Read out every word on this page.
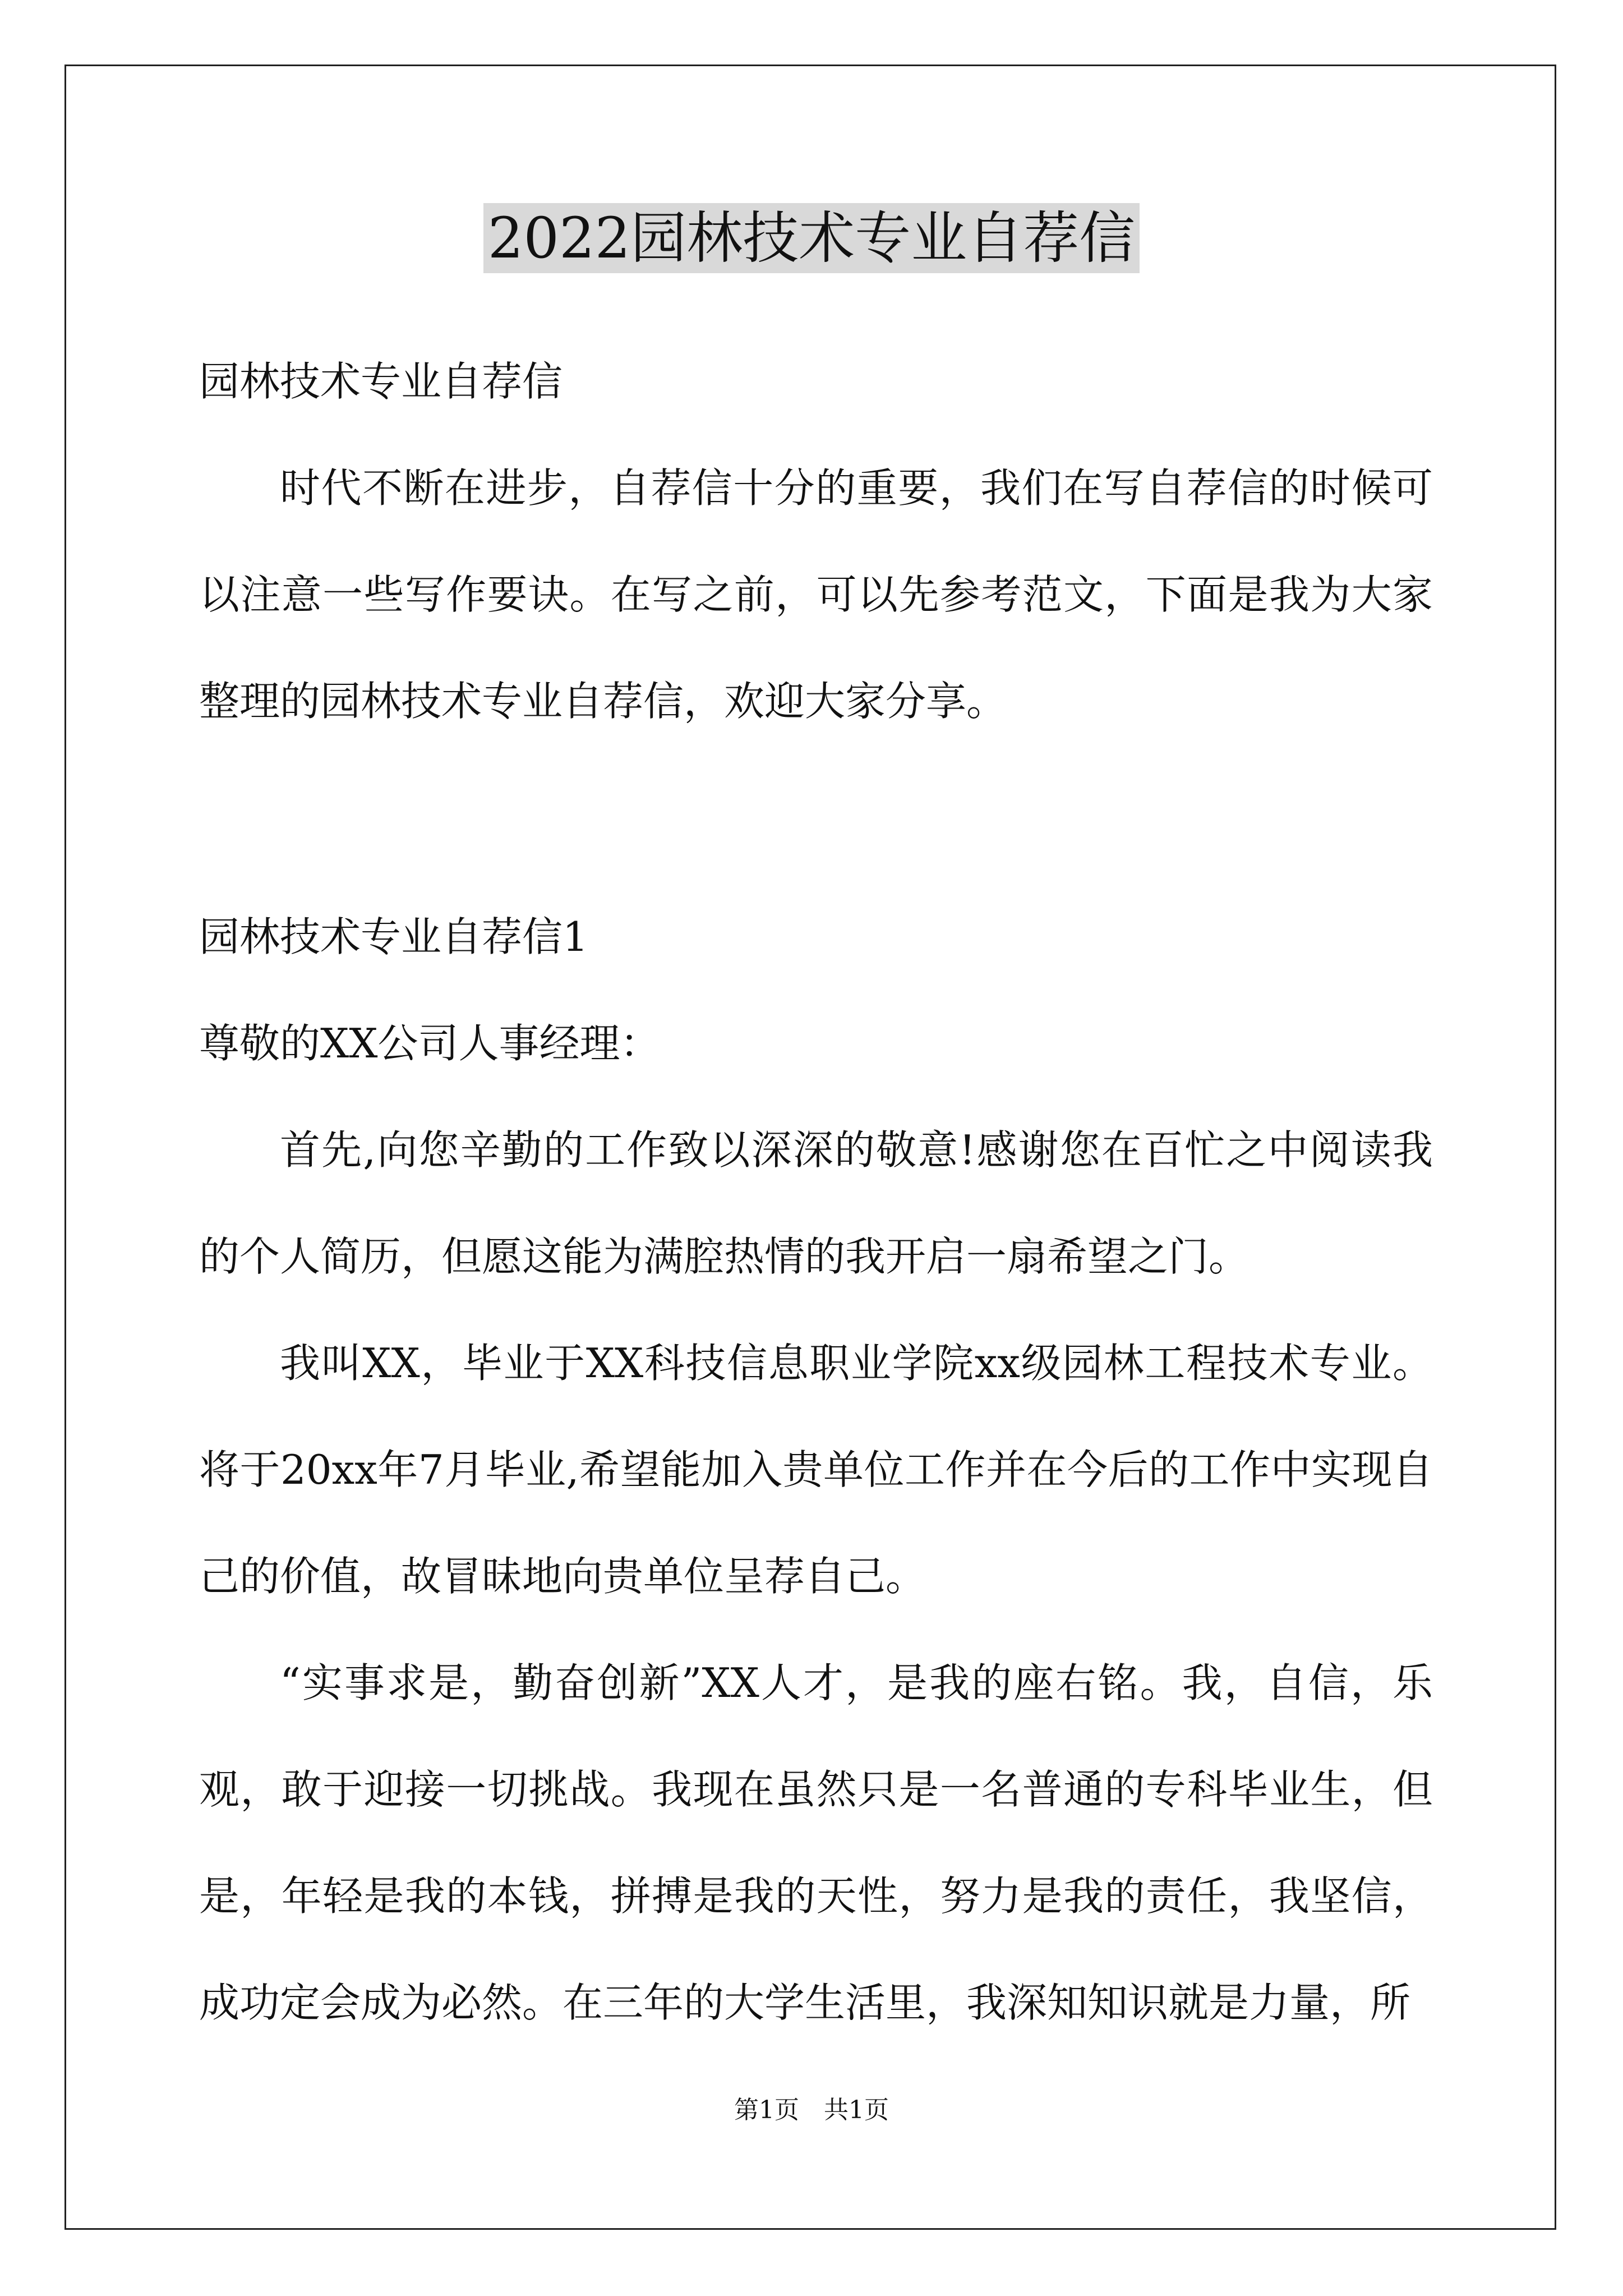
2022园林技术专业自荐信

园林技术专业自荐信

时代不断在进步，自荐信十分的重要，我们在写自荐信的时候可以注意一些写作要诀。在写之前，可以先参考范文，下面是我为大家整理的园林技术专业自荐信，欢迎大家分享。

园林技术专业自荐信1

尊敬的XX公司人事经理：

首先,向您辛勤的工作致以深深的敬意!感谢您在百忙之中阅读我的个人简历，但愿这能为满腔热情的我开启一扇希望之门。

我叫XX，毕业于XX科技信息职业学院xx级园林工程技术专业。将于20xx年7月毕业,希望能加入贵单位工作并在今后的工作中实现自己的价值，故冒昧地向贵单位呈荐自己。

“实事求是，勤奋创新”XX人才，是我的座右铭。我，自信，乐观，敢于迎接一切挑战。我现在虽然只是一名普通的专科毕业生，但是，年轻是我的本钱，拼搏是我的天性，努力是我的责任，我坚信，成功定会成为必然。在三年的大学生活里，我深知知识就是力量，所

第1页　共1页
